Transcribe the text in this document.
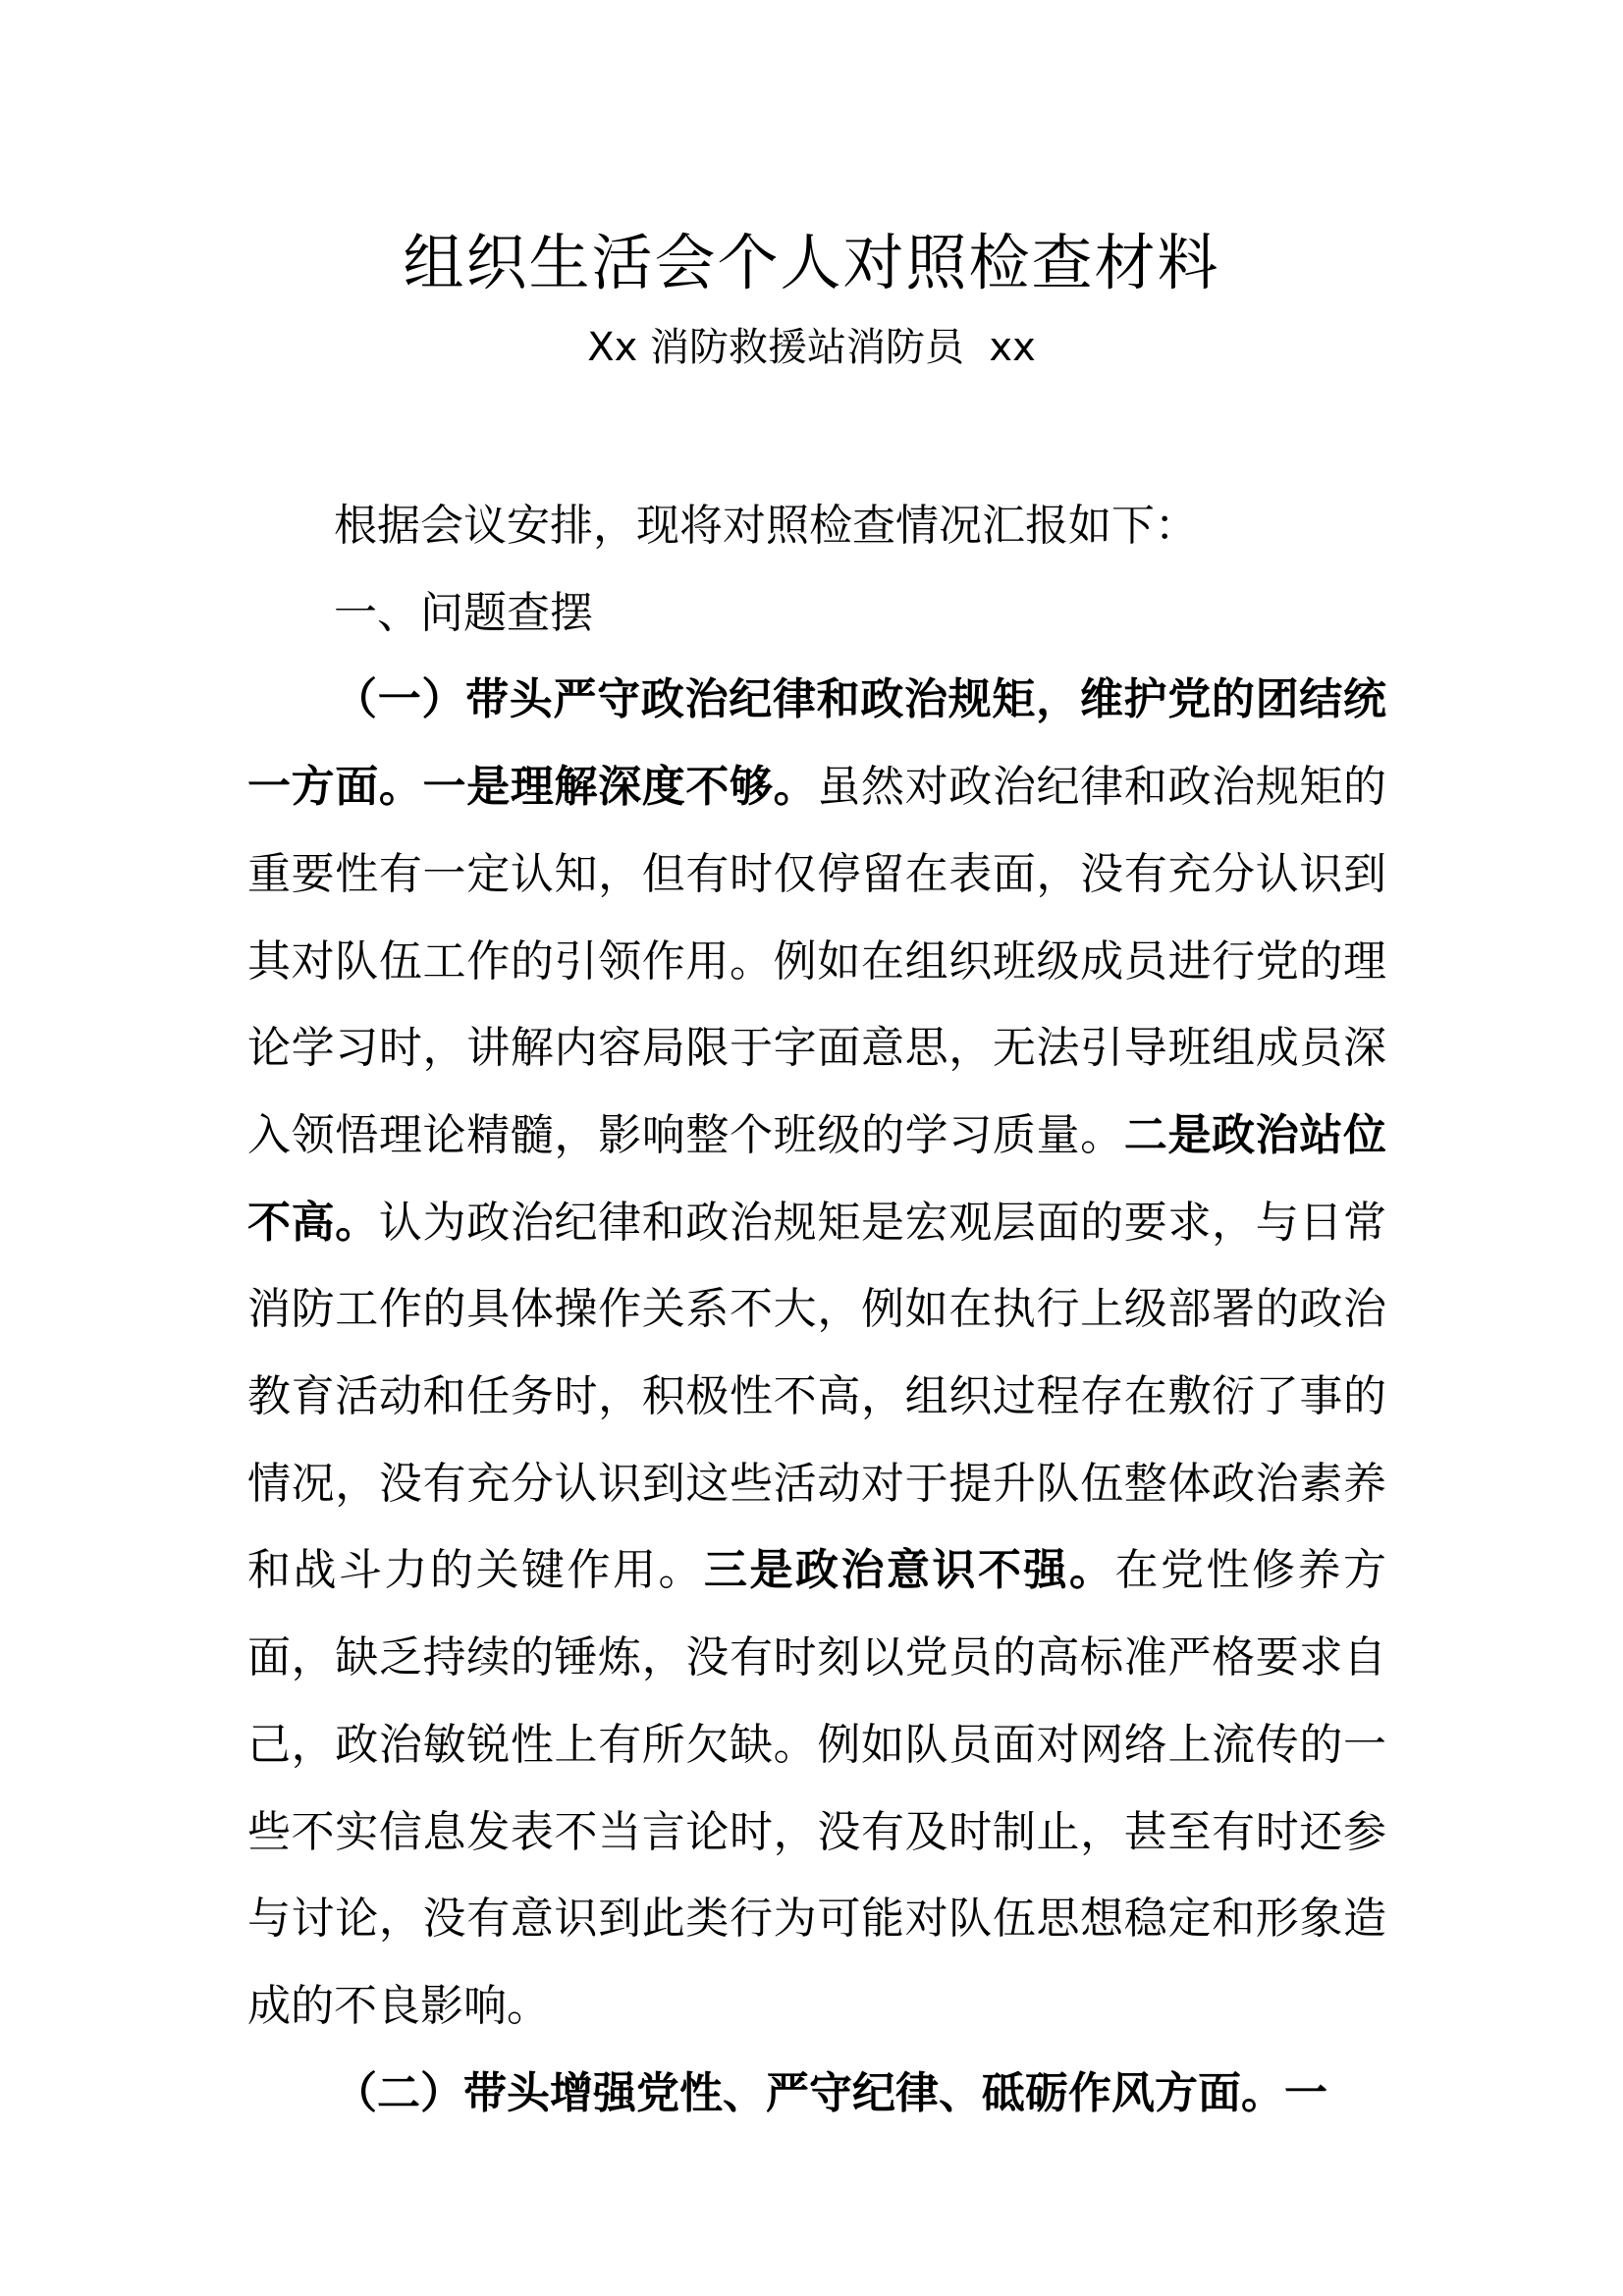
组织生活会个人对照检查材料
Xx 消防救援站消防员  xx

根据会议安排，现将对照检查情况汇报如下：

一、问题查摆

（一）带头严守政治纪律和政治规矩，维护党的团结统一方面。一是理解深度不够。虽然对政治纪律和政治规矩的重要性有一定认知，但有时仅停留在表面，没有充分认识到其对队伍工作的引领作用。例如在组织班级成员进行党的理论学习时，讲解内容局限于字面意思，无法引导班组成员深入领悟理论精髓，影响整个班级的学习质量。二是政治站位不高。认为政治纪律和政治规矩是宏观层面的要求，与日常消防工作的具体操作关系不大，例如在执行上级部署的政治教育活动和任务时，积极性不高，组织过程存在敷衍了事的情况，没有充分认识到这些活动对于提升队伍整体政治素养和战斗力的关键作用。三是政治意识不强。在党性修养方面，缺乏持续的锤炼，没有时刻以党员的高标准严格要求自己，政治敏锐性上有所欠缺。例如队员面对网络上流传的一些不实信息发表不当言论时，没有及时制止，甚至有时还参与讨论，没有意识到此类行为可能对队伍思想稳定和形象造成的不良影响。

（二）带头增强党性、严守纪律、砥砺作风方面。一
